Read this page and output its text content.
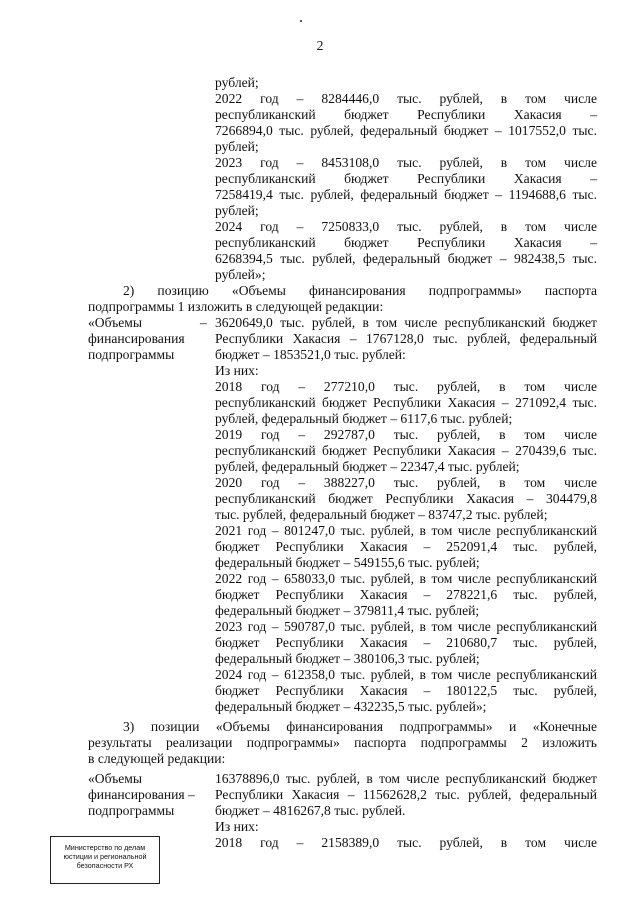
2
рублей;
2022 год – 8284446,0 тыс. рублей, в том числе
республиканский бюджет Республики Хакасия –
7266894,0 тыс. рублей, федеральный бюджет – 1017552,0 тыс.
рублей;
2023 год – 8453108,0 тыс. рублей, в том числе
республиканский бюджет Республики Хакасия –
7258419,4 тыс. рублей, федеральный бюджет – 1194688,6 тыс.
рублей;
2024 год – 7250833,0 тыс. рублей, в том числе
республиканский бюджет Республики Хакасия –
6268394,5 тыс. рублей, федеральный бюджет – 982438,5 тыс.
рублей»;
2) позицию «Объемы финансирования подпрограммы» паспорта
подпрограммы 1 изложить в следующей редакции:
«Объемы
финансирования
подпрограммы
– 3620649,0 тыс. рублей, в том числе республиканский бюджет
Республики Хакасия – 1767128,0 тыс. рублей, федеральный
бюджет – 1853521,0 тыс. рублей:
Из них:
2018 год – 277210,0 тыс. рублей, в том числе
республиканский бюджет Республики Хакасия – 271092,4 тыс.
рублей, федеральный бюджет – 6117,6 тыс. рублей;
2019 год – 292787,0 тыс. рублей, в том числе
республиканский бюджет Республики Хакасия – 270439,6 тыс.
рублей, федеральный бюджет – 22347,4 тыс. рублей;
2020 год – 388227,0 тыс. рублей, в том числе
республиканский бюджет Республики Хакасия – 304479,8
тыс. рублей, федеральный бюджет – 83747,2 тыс. рублей;
2021 год – 801247,0 тыс. рублей, в том числе республиканский
бюджет Республики Хакасия – 252091,4 тыс. рублей,
федеральный бюджет – 549155,6 тыс. рублей;
2022 год – 658033,0 тыс. рублей, в том числе республиканский
бюджет Республики Хакасия – 278221,6 тыс. рублей,
федеральный бюджет – 379811,4 тыс. рублей;
2023 год – 590787,0 тыс. рублей, в том числе республиканский
бюджет Республики Хакасия – 210680,7 тыс. рублей,
федеральный бюджет – 380106,3 тыс. рублей;
2024 год – 612358,0 тыс. рублей, в том числе республиканский
бюджет Республики Хакасия – 180122,5 тыс. рублей,
федеральный бюджет – 432235,5 тыс. рублей»;
3) позиции «Объемы финансирования подпрограммы» и «Конечные
результаты реализации подпрограммы» паспорта подпрограммы 2 изложить
в следующей редакции:
«Объемы
финансирования –
подпрограммы
16378896,0 тыс. рублей, в том числе республиканский бюджет
Республики Хакасия – 11562628,2 тыс. рублей, федеральный
бюджет – 4816267,8 тыс. рублей.
Из них:
2018 год – 2158389,0 тыс. рублей, в том числе
Министерство по делам
юстиции и региональной
безопасности РХ
